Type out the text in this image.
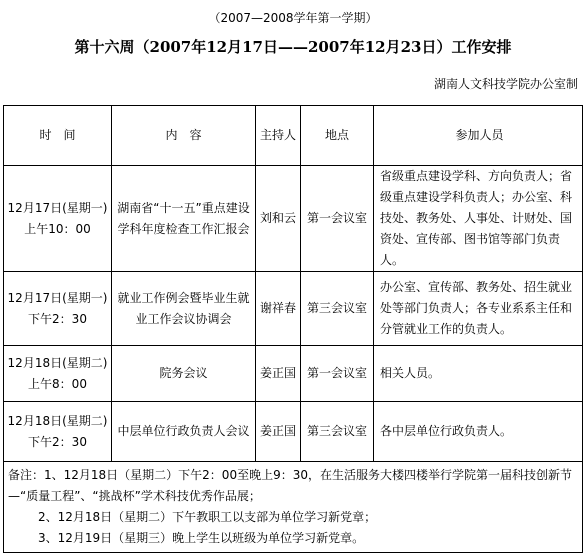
（2007—2008学年第一学期）
第十六周（2007年12月17日——2007年12月23日）工作安排
湖南人文科技学院办公室制
时　间	内　容	主持人	地点	参加人员

12月17日(星期一)
上午10：00	湖南省“十一五”重点建设学科年度检查工作汇报会	刘和云	第一会议室	省级重点建设学科、方向负责人；省级重点建设学科负责人；办公室、科技处、教务处、人事处、计财处、国资处、宣传部、图书馆等部门负责人。

12月17日(星期一)
下午2：30	就业工作例会暨毕业生就业工作会议协调会	谢祥春	第三会议室	办公室、宣传部、教务处、招生就业处等部门负责人；各专业系系主任和分管就业工作的负责人。

12月18日(星期二)
上午8：00	院务会议	姜正国	第一会议室	相关人员。

12月18日(星期二)
下午2：30	中层单位行政负责人会议	姜正国	第三会议室	各中层单位行政负责人。

备注：1、12月18日（星期二）下午2：00至晚上9：30，在生活服务大楼四楼举行学院第一届科技创新节—“质量工程”、“挑战杯”学术科技优秀作品展；
2、12月18日（星期二）下午教职工以支部为单位学习新党章；
3、12月19日（星期三）晚上学生以班级为单位学习新党章。				
